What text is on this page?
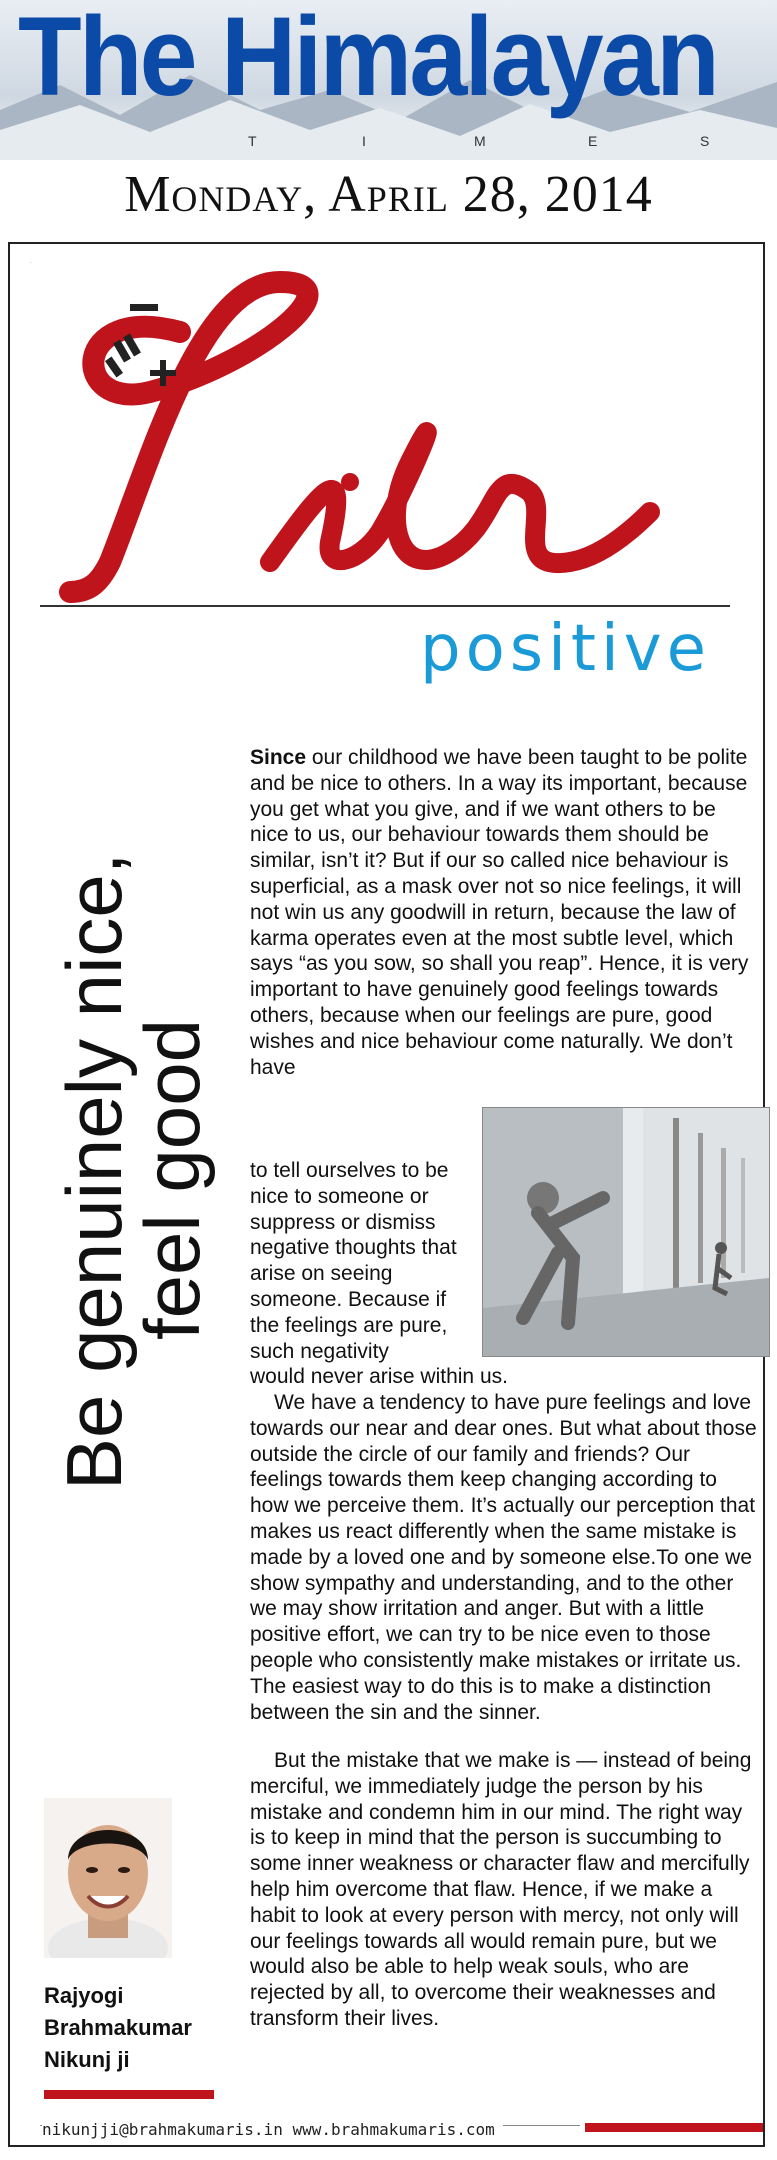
The Himalayan
T	I	M	E	S
Monday, April 28, 2014
−
+
Life
positive
Be genuinely nice,
feel good

Since our childhood we have been taught to be polite and be nice to others. In a way its important, because you get what you give, and if we want others to be nice to us, our behaviour towards them should be similar, isn’t it? But if our so called nice behaviour is superficial, as a mask over not so nice feelings, it will not win us any goodwill in return, because the law of karma operates even at the most subtle level, which says “as you sow, so shall you reap”. Hence, it is very important to have genuinely good feelings towards others, because when our feelings are pure, good wishes and nice behaviour come naturally. We don’t have

to tell ourselves to be nice to someone or suppress or dismiss negative thoughts that arise on seeing someone. Because if the feelings are pure, such negativity
would never arise within us.
We have a tendency to have pure feelings and love towards our near and dear ones. But what about those outside the circle of our family and friends? Our feelings towards them keep changing according to how we perceive them. It’s actually our perception that makes us react differently when the same mistake is made by a loved one and by someone else.To one we show sympathy and understanding, and to the other we may show irritation and anger. But with a little positive effort, we can try to be nice even to those people who consistently make mistakes or irritate us. The easiest way to do this is to make a distinction between the sin and the sinner.
But the mistake that we make is — instead of being merciful, we immediately judge the person by his mistake and condemn him in our mind. The right way is to keep in mind that the person is succumbing to some inner weakness or character flaw and mercifully help him overcome that flaw. Hence, if we make a habit to look at every person with mercy, not only will our feelings towards all would remain pure, but we would also be able to help weak souls, who are rejected by all, to overcome their weaknesses and transform their lives.
Rajyogi
Brahmakumar
Nikunj ji
nikunjji@brahmakumaris.in www.brahmakumaris.com
